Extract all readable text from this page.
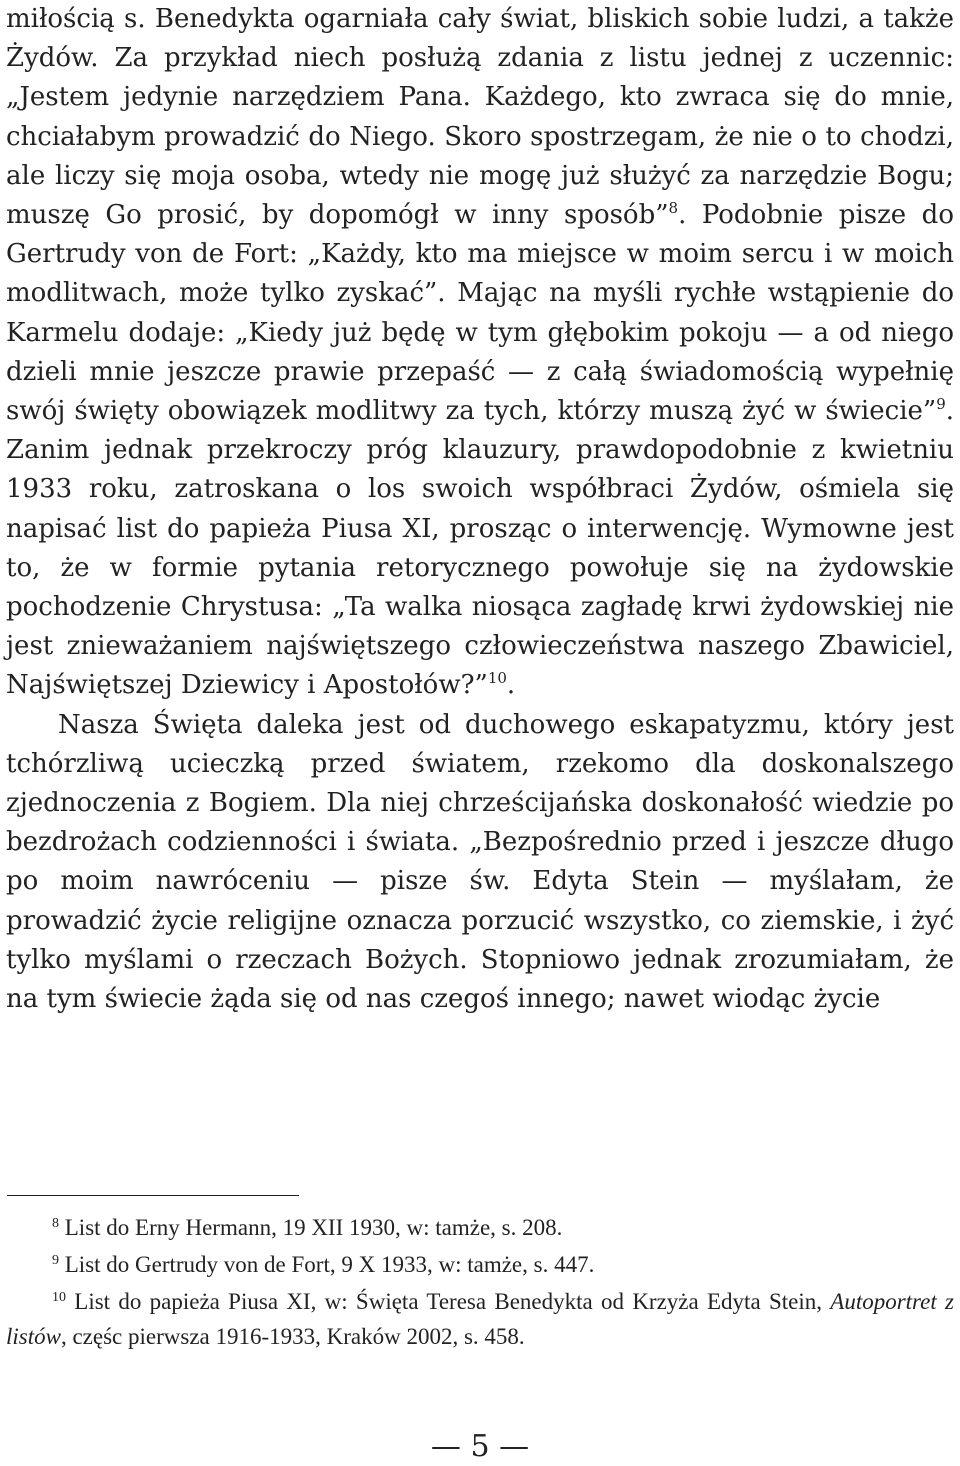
miłością s. Benedykta ogarniała cały świat, bliskich sobie ludzi, a także Żydów. Za przykład niech posłużą zdania z listu jednej z uczennic: „Jestem jedynie narzędziem Pana. Każdego, kto zwraca się do mnie, chciałabym prowadzić do Niego. Skoro spostrzegam, że nie o to chodzi, ale liczy się moja osoba, wtedy nie mogę już służyć za narzędzie Bogu; muszę Go prosić, by dopomógł w inny sposób”$^8$. Podobnie pisze do Gertrudy von de Fort: „Każdy, kto ma miejsce w moim sercu i w moich modlitwach, może tylko zyskać”. Mając na myśli rychłe wstąpienie do Karmelu dodaje: „Kiedy już będę w tym głębokim pokoju — a od niego dzieli mnie jeszcze prawie przepaść — z całą świadomością wypełnię swój święty obowiązek modlitwy za tych, którzy muszą żyć w świecie”$^9$. Zanim jednak przekroczy próg klauzury, prawdopodobnie z kwietniu 1933 roku, zatroskana o los swoich współbraci Żydów, ośmiela się napisać list do papieża Piusa XI, prosząc o interwencję. Wymowne jest to, że w formie pytania retorycznego powołuje się na żydowskie pochodzenie Chrystusa: „Ta walka niosąca zagładę krwi żydowskiej nie jest znieważaniem najświętszego człowieczeństwa naszego Zbawiciel, Najświętszej Dziewicy i Apostołów?”$^{10}$.

Nasza Święta daleka jest od duchowego eskapatyzmu, który jest tchórzliwą ucieczką przed światem, rzekomo dla doskonalszego zjednoczenia z Bogiem. Dla niej chrześcijańska doskonałość wiedzie po bezdrożach codzienności i świata. „Bezpośrednio przed i jeszcze długo po moim nawróceniu — pisze św. Edyta Stein — myślałam, że prowadzić życie religijne oznacza porzucić wszystko, co ziemskie, i żyć tylko myślami o rzeczach Bożych. Stopniowo jednak zrozumiałam, że na tym świecie żąda się od nas czegoś innego; nawet wiodąc życie

$^8$ List do Erny Hermann, 19 XII 1930, w: tamże, s. 208.

$^9$ List do Gertrudy von de Fort, 9 X 1933, w: tamże, s. 447.

$^{10}$ List do papieża Piusa XI, w: Święta Teresa Benedykta od Krzyża Edyta Stein, Autoportret z listów, częśc pierwsza 1916-1933, Kraków 2002, s. 458.

— 5 —
